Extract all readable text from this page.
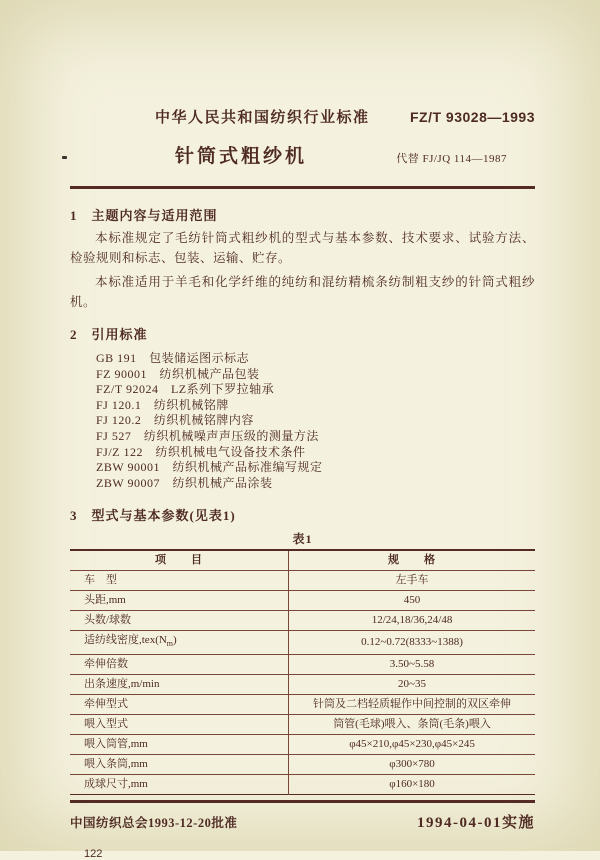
中华人民共和国纺织行业标准	FZ/T 93028—1993
针筒式粗纱机	代替 FJ/JQ 114—1987
1　主题内容与适用范围

本标准规定了毛纺针筒式粗纱机的型式与基本参数、技术要求、试验方法、检验规则和标志、包装、运输、贮存。

本标准适用于羊毛和化学纤维的纯纺和混纺精梳条纺制粗支纱的针筒式粗纱机。

2　引用标准
GB 191　包装储运图示标志
FZ 90001　纺织机械产品包装
FZ/T 92024　LZ系列下罗拉轴承
FJ 120.1　纺织机械铭牌
FJ 120.2　纺织机械铭牌内容
FJ 527　纺织机械噪声声压级的测量方法
FJ/Z 122　纺织机械电气设备技术条件
ZBW 90001　纺织机械产品标准编写规定
ZBW 90007　纺织机械产品涂装
3　型式与基本参数(见表1)
表1
项　　目	规　　格
车　型	左手车
头距,mm	450
头数/球数	12/24,18/36,24/48
适纺线密度$,tex(N_m)$	0.12~0.72(8333~1388)
牵伸倍数	3.50~5.58
出条速度,m/min	20~35
牵伸型式	针筒及二档轻质辊作中间控制的双区牵伸
喂入型式	筒管(毛球)喂入、条筒(毛条)喂入
喂入筒管,mm	φ45×210,φ45×230,φ45×245
喂入条筒,mm	φ300×780
成球尺寸,mm	φ160×180
中国纺织总会1993-12-20批准	1994-04-01实施
122
